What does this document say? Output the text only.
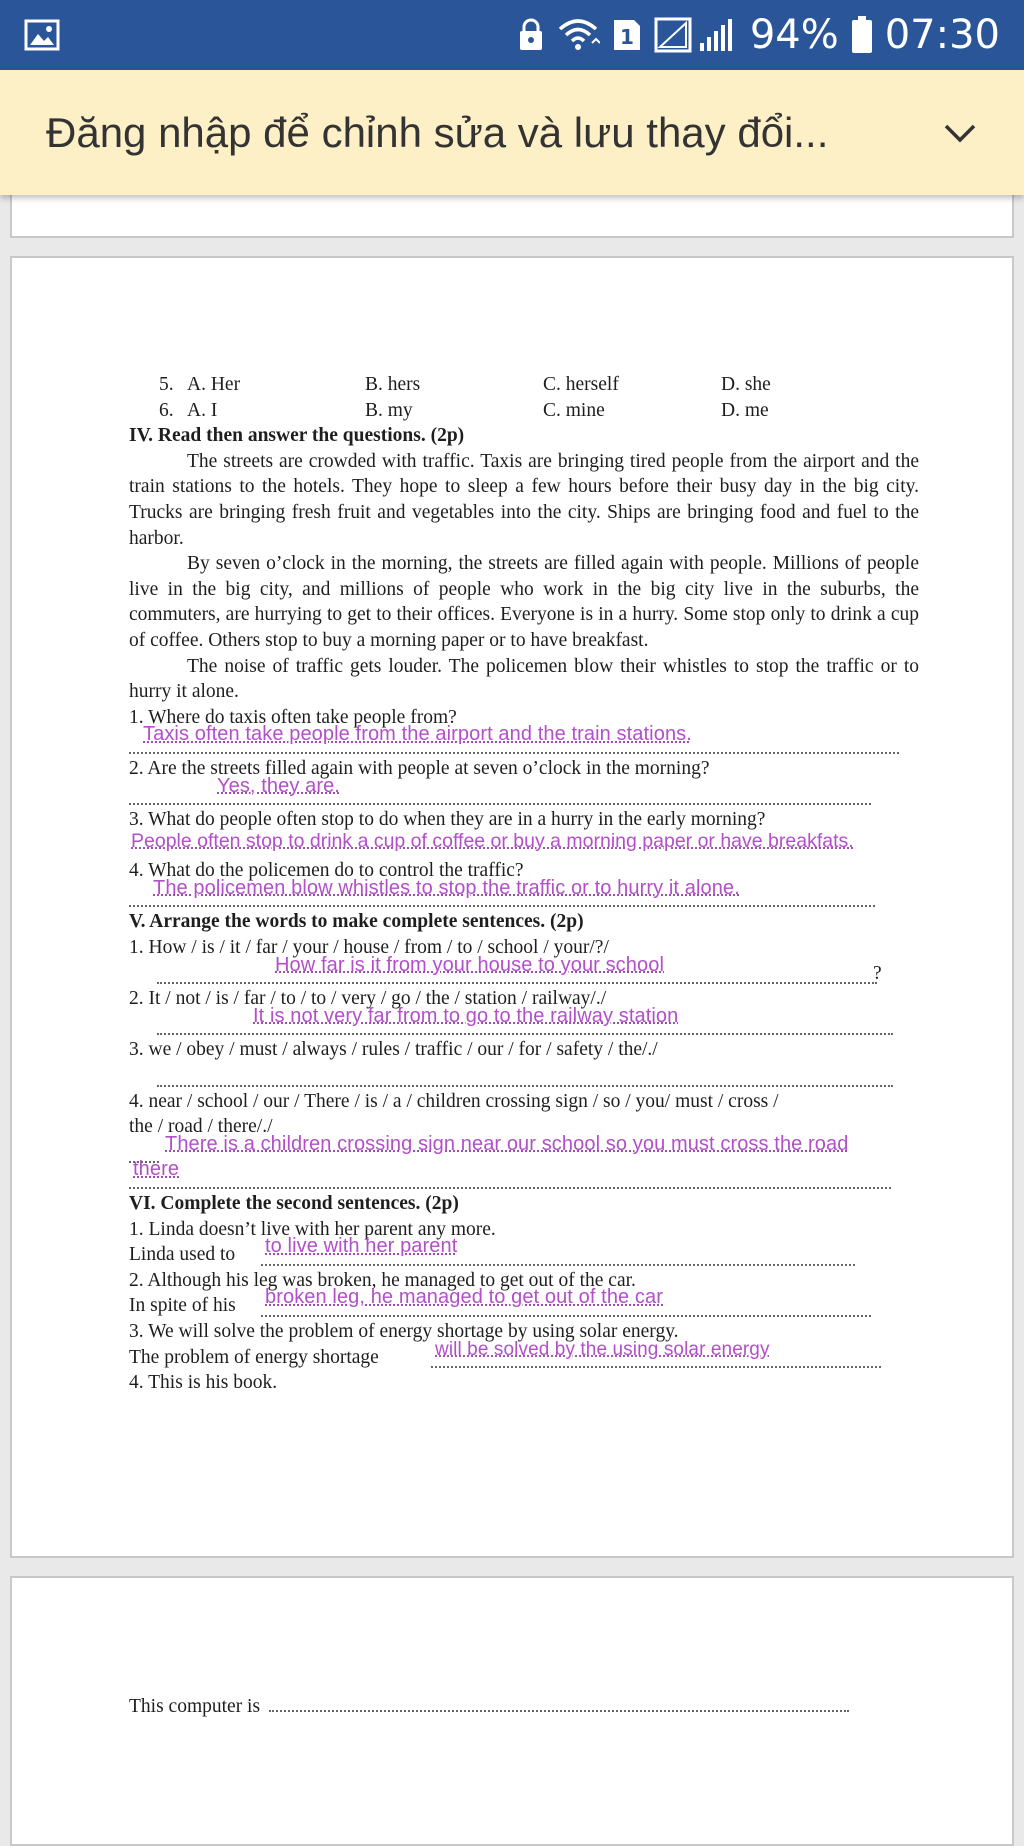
1	94% 07:30
Đăng nhập để chỉnh sửa và lưu thay đổi...
5. A. Her	B. hers	C. herself	D. she
6. A. I	B. my	C. mine	D. me
IV. Read then answer the questions. (2p)
The streets are crowded with traffic. Taxis are bringing tired people from the airport and the train stations to the hotels. They hope to sleep a few hours before their busy day in the big city. Trucks are bringing fresh fruit and vegetables into the city. Ships are bringing food and fuel to the harbor.
By seven o’clock in the morning, the streets are filled again with people. Millions of people live in the big city, and millions of people who work in the big city live in the suburbs, the commuters, are hurrying to get to their offices. Everyone is in a hurry. Some stop only to drink a cup of coffee. Others stop to buy a morning paper or to have breakfast.
The noise of traffic gets louder. The policemen blow their whistles to stop the traffic or to hurry it alone.
1. Where do taxis often take people from?
Taxis often take people from the airport and the train stations.
2. Are the streets filled again with people at seven o’clock in the morning?
Yes, they are.
3. What do people often stop to do when they are in a hurry in the early morning?
People often stop to drink a cup of coffee or buy a morning paper or have breakfats.
4. What do the policemen do to control the traffic?
The policemen blow whistles to stop the traffic or to hurry it alone.
V. Arrange the words to make complete sentences. (2p)
1. How / is / it / far / your / house / from / to / school / your/?/
How far is it from your house to your school	?
2. It / not / is / far / to / to / very / go / the / station / railway/./
It is not very far from to go to the railway station
3. we / obey / must / always / rules / traffic / our / for / safety / the/./
4. near / school / our / There / is / a / children crossing sign / so / you/ must / cross /
the / road / there/./
There is a children crossing sign near our school so you must cross the road
there
VI. Complete the second sentences. (2p)
1. Linda doesn’t live with her parent any more.
Linda used to to live with her parent
2. Although his leg was broken, he managed to get out of the car.
In spite of his broken leg, he managed to get out of the car
3. We will solve the problem of energy shortage by using solar energy.
The problem of energy shortage	will be solved by the using solar energy
4. This is his book.
This computer is
